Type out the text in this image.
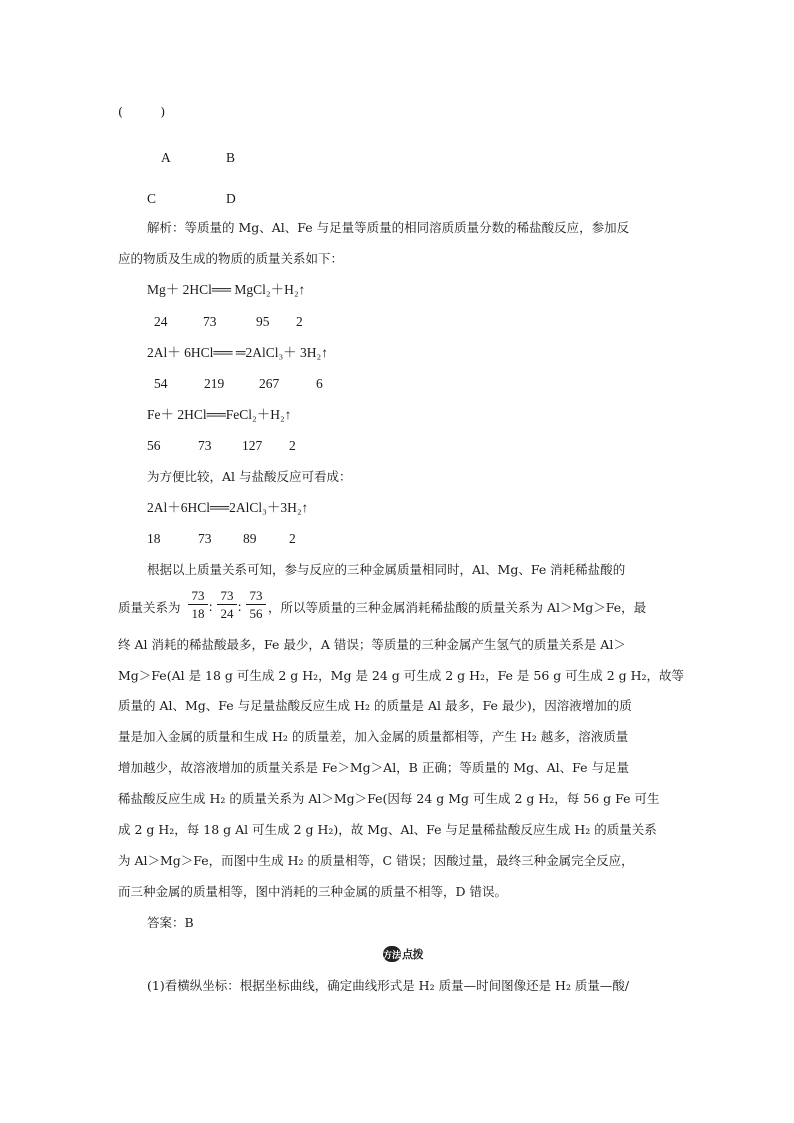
(　　　)
A	B
C	D
解析：等质量的 Mg、Al、Fe 与足量等质量的相同溶质质量分数的稀盐酸反应，参加反
应的物质及生成的物质的质量关系如下：
Mg＋ 2HCl══ MgCl₂＋H₂↑
24	73	95 2
2Al＋ 6HCl══ ═2AlCl₃＋ 3H₂↑
54	219	267	6
Fe＋ 2HCl══FeCl₂＋H₂↑
56	73 127 2
为方便比较，Al 与盐酸反应可看成：
2Al＋6HCl══2AlCl₃＋3H₂↑
18	73 89 2
根据以上质量关系可知，参与反应的三种金属质量相同时，Al、Mg、Fe 消耗稀盐酸的
质量关系为
73
18 ∶
73
24 ∶
73
56 ，所以等质量的三种金属消耗稀盐酸的质量关系为 Al＞Mg＞Fe，最
终 Al 消耗的稀盐酸最多，Fe 最少，A 错误；等质量的三种金属产生氢气的质量关系是 Al＞
Mg＞Fe(Al 是 18 g 可生成 2 g H₂，Mg 是 24 g 可生成 2 g H₂，Fe 是 56 g 可生成 2 g H₂，故等
质量的 Al、Mg、Fe 与足量盐酸反应生成 H₂ 的质量是 Al 最多，Fe 最少)，因溶液增加的质
量是加入金属的质量和生成 H₂ 的质量差，加入金属的质量都相等，产生 H₂ 越多，溶液质量
增加越少，故溶液增加的质量关系是 Fe＞Mg＞Al，B 正确；等质量的 Mg、Al、Fe 与足量
稀盐酸反应生成 H₂ 的质量关系为 Al＞Mg＞Fe(因每 24 g Mg 可生成 2 g H₂，每 56 g Fe 可生
成 2 g H₂，每 18 g Al 可生成 2 g H₂)，故 Mg、Al、Fe 与足量稀盐酸反应生成 H₂ 的质量关系
为 Al＞Mg＞Fe，而图中生成 H₂ 的质量相等，C 错误；因酸过量，最终三种金属完全反应，
而三种金属的质量相等，图中消耗的三种金属的质量不相等，D 错误。
答案：B
方法 点拨
(1)看横纵坐标：根据坐标曲线，确定曲线形式是 H₂ 质量—时间图像还是 H₂ 质量—酸/
